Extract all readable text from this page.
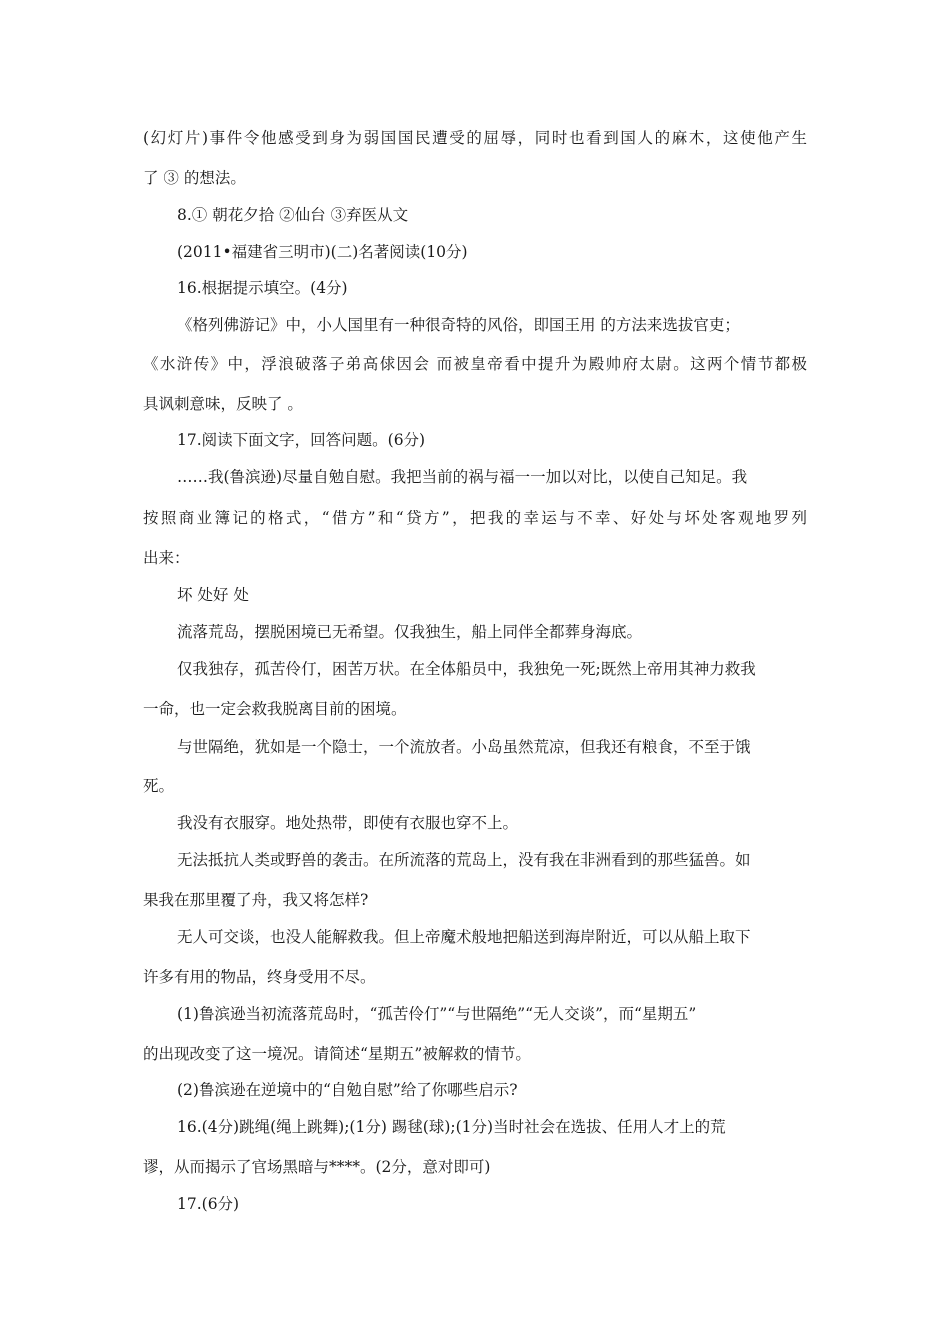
(幻灯片)事件令他感受到身为弱国国民遭受的屈辱，同时也看到国人的麻木，这使他产生
了 ③ 的想法。
8.① 朝花夕拾 ②仙台 ③弃医从文
(2011•福建省三明市)(二)名著阅读(10分)
16.根据提示填空。(4分)
《格列佛游记》中，小人国里有一种很奇特的风俗，即国王用 的方法来选拔官吏；
《水浒传》中，浮浪破落子弟高俅因会 而被皇帝看中提升为殿帅府太尉。这两个情节都极
具讽刺意味，反映了 。
17.阅读下面文字，回答问题。(6分)
……我(鲁滨逊)尽量自勉自慰。我把当前的祸与福一一加以对比，以使自己知足。我
按照商业簿记的格式，“借方”和“贷方”，把我的幸运与不幸、好处与坏处客观地罗列
出来：
坏 处好 处
流落荒岛，摆脱困境已无希望。仅我独生，船上同伴全都葬身海底。
仅我独存，孤苦伶仃，困苦万状。在全体船员中，我独免一死;既然上帝用其神力救我
一命，也一定会救我脱离目前的困境。
与世隔绝，犹如是一个隐士，一个流放者。小岛虽然荒凉，但我还有粮食，不至于饿
死。
我没有衣服穿。地处热带，即使有衣服也穿不上。
无法抵抗人类或野兽的袭击。在所流落的荒岛上，没有我在非洲看到的那些猛兽。如
果我在那里覆了舟，我又将怎样?
无人可交谈，也没人能解救我。但上帝魔术般地把船送到海岸附近，可以从船上取下
许多有用的物品，终身受用不尽。
(1)鲁滨逊当初流落荒岛时，“孤苦伶仃”“与世隔绝”“无人交谈”，而“星期五”
的出现改变了这一境况。请简述“星期五”被解救的情节。
(2)鲁滨逊在逆境中的“自勉自慰”给了你哪些启示?
16.(4分)跳绳(绳上跳舞);(1分) 踢毬(球);(1分)当时社会在选拔、任用人才上的荒
谬，从而揭示了官场黑暗与****。(2分，意对即可)
17.(6分)
